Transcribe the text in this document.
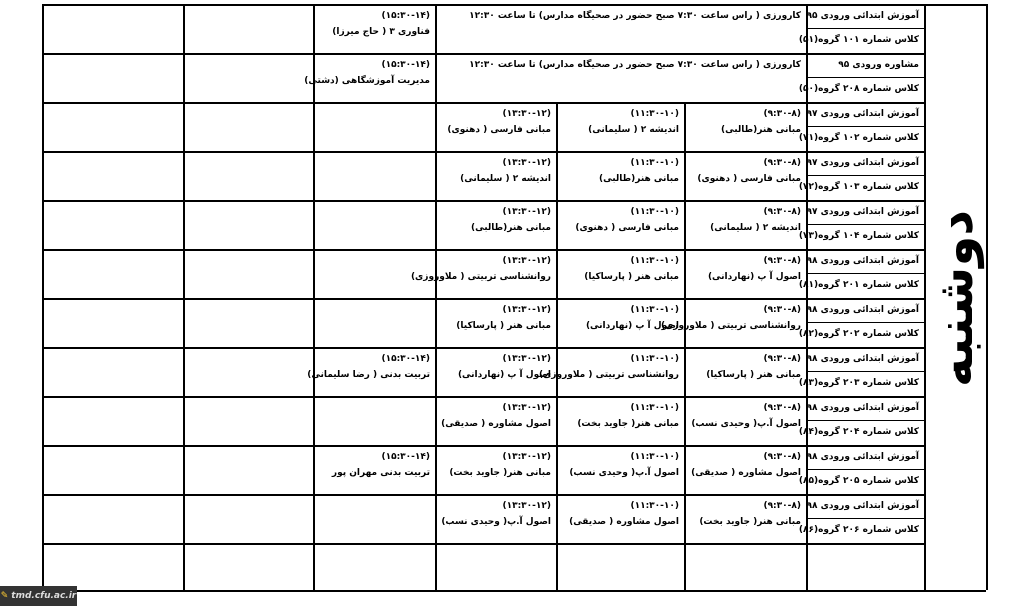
آموزش ابتدائی ورودی ۹۵
کلاس شماره ۱۰۱ گروه(۵۱)
کارورزی ( راس ساعت ۷:۳۰ صبح حضور در صحیگاه مدارس) تا ساعت ۱۲:۳۰
(۱۵:۳۰-۱۴)
فناوری ۳ ( حاج میرزا)
مشاوره ورودی ۹۵
کلاس شماره ۲۰۸ گروه(۵۰)
کارورزی ( راس ساعت ۷:۳۰ صبح حضور در صحیگاه مدارس) تا ساعت ۱۲:۳۰
(۱۵:۳۰-۱۴)
مدیریت آموزشگاهی (دشتی)
آموزش ابتدائی ورودی ۹۷
کلاس شماره ۱۰۲ گروه(۷۱)
(۹:۳۰-۸)
مبانی هنر(طالبی)
(۱۱:۳۰-۱۰)
اندیشه ۲ ( سلیمانی)
(۱۳:۳۰-۱۲)
مبانی فارسی ( دهنوی)
آموزش ابتدائی ورودی ۹۷
کلاس شماره ۱۰۳ گروه(۷۲)
(۹:۳۰-۸)
مبانی فارسی ( دهنوی)
(۱۱:۳۰-۱۰)
مبانی هنر(طالبی)
(۱۳:۳۰-۱۲)
اندیشه ۲ ( سلیمانی)
آموزش ابتدائی ورودی ۹۷
کلاس شماره ۱۰۴ گروه(۷۳)
(۹:۳۰-۸)
اندیشه ۲ ( سلیمانی)
(۱۱:۳۰-۱۰)
مبانی فارسی ( دهنوی)
(۱۳:۳۰-۱۲)
مبانی هنر(طالبی)
آموزش ابتدائی ورودی ۹۸
کلاس شماره ۲۰۱ گروه(۸۱)
(۹:۳۰-۸)
اصول آ پ (نهاردانی)
(۱۱:۳۰-۱۰)
مبانی هنر ( پارساکیا)
(۱۳:۳۰-۱۲)
روانشناسی تربیتی ( ملاوروزی)
آموزش ابتدائی ورودی ۹۸
کلاس شماره ۲۰۲ گروه(۸۲)
(۹:۳۰-۸)
روانشناسی تربیتی ( ملاوروزی)
(۱۱:۳۰-۱۰)
اصول آ پ (نهاردانی)
(۱۳:۳۰-۱۲)
مبانی هنر ( پارساکیا)
آموزش ابتدائی ورودی ۹۸
کلاس شماره ۲۰۳ گروه(۸۳)
(۹:۳۰-۸)
مبانی هنر ( پارساکیا)
(۱۱:۳۰-۱۰)
روانشناسی تربیتی ( ملاوروزی)
(۱۳:۳۰-۱۲)
اصول آ پ (نهاردانی)
(۱۵:۳۰-۱۴)
تربیت بدنی ( رضا سلیمانی)
آموزش ابتدائی ورودی ۹۸
کلاس شماره ۲۰۴ گروه(۸۴)
(۹:۳۰-۸)
اصول آ.پ( وحیدی نسب)
(۱۱:۳۰-۱۰)
مبانی هنر( جاوید بخت)
(۱۳:۳۰-۱۲)
اصول مشاوره ( صدیقی)
آموزش ابتدائی ورودی ۹۸
کلاس شماره ۲۰۵ گروه(۸۵)
(۹:۳۰-۸)
اصول مشاوره ( صدیقی)
(۱۱:۳۰-۱۰)
اصول آ.پ( وحیدی نسب)
(۱۳:۳۰-۱۲)
مبانی هنر( جاوید بخت)
(۱۵:۳۰-۱۴)
تربیت بدنی مهران پور
آموزش ابتدائی ورودی ۹۸
کلاس شماره ۲۰۶ گروه(۸۶)
(۹:۳۰-۸)
مبانی هنر( جاوید بخت)
(۱۱:۳۰-۱۰)
اصول مشاوره ( صدیقی)
(۱۳:۳۰-۱۲)
اصول آ.پ( وحیدی نسب)
دوشنبه
✎ tmd.cfu.ac.ir
